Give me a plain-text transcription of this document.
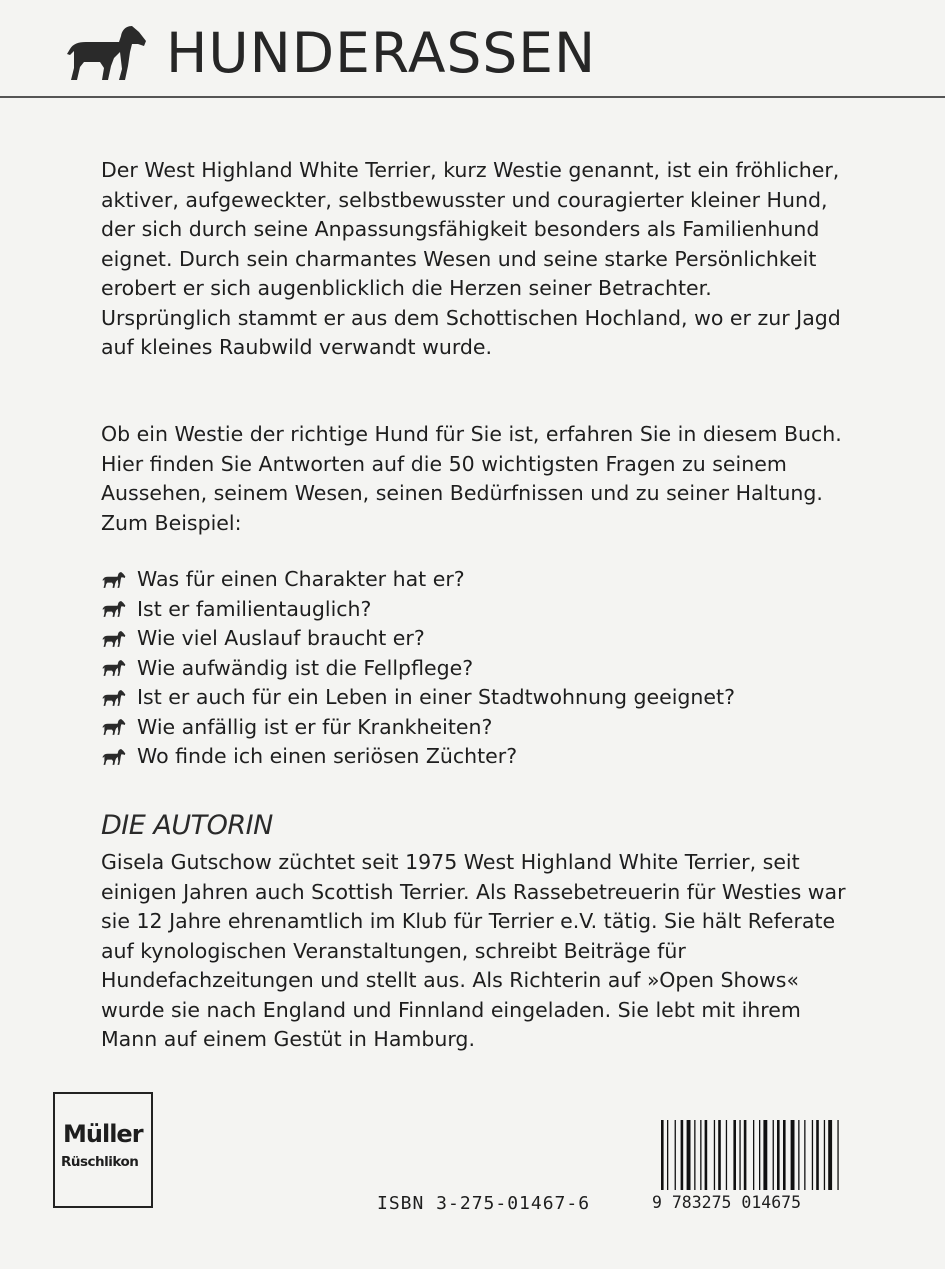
HUNDERASSEN

Der West Highland White Terrier, kurz Westie genannt, ist ein fröhlicher, aktiver, aufgeweckter, selbstbewusster und couragierter kleiner Hund, der sich durch seine Anpassungsfähigkeit besonders als Familienhund eignet. Durch sein charmantes Wesen und seine starke Persönlichkeit erobert er sich augenblicklich die Herzen seiner Betrachter. Ursprünglich stammt er aus dem Schottischen Hochland, wo er zur Jagd auf kleines Raubwild verwandt wurde.

Ob ein Westie der richtige Hund für Sie ist, erfahren Sie in diesem Buch. Hier finden Sie Antworten auf die 50 wichtigsten Fragen zu seinem Aussehen, seinem Wesen, seinen Bedürfnissen und zu seiner Haltung. Zum Beispiel:

Was für einen Charakter hat er?
Ist er familientauglich?
Wie viel Auslauf braucht er?
Wie aufwändig ist die Fellpflege?
Ist er auch für ein Leben in einer Stadtwohnung geeignet?
Wie anfällig ist er für Krankheiten?
Wo finde ich einen seriösen Züchter?
DIE AUTORIN

Gisela Gutschow züchtet seit 1975 West Highland White Terrier, seit einigen Jahren auch Scottish Terrier. Als Rassebetreuerin für Westies war sie 12 Jahre ehrenamtlich im Klub für Terrier e.V. tätig. Sie hält Referate auf kynologischen Veranstaltungen, schreibt Beiträge für Hundefachzeitungen und stellt aus. Als Richterin auf »Open Shows« wurde sie nach England und Finnland eingeladen. Sie lebt mit ihrem Mann auf einem Gestüt in Hamburg.

Müller
Rüschlikon
ISBN 3-275-01467-6	9 783275 014675
